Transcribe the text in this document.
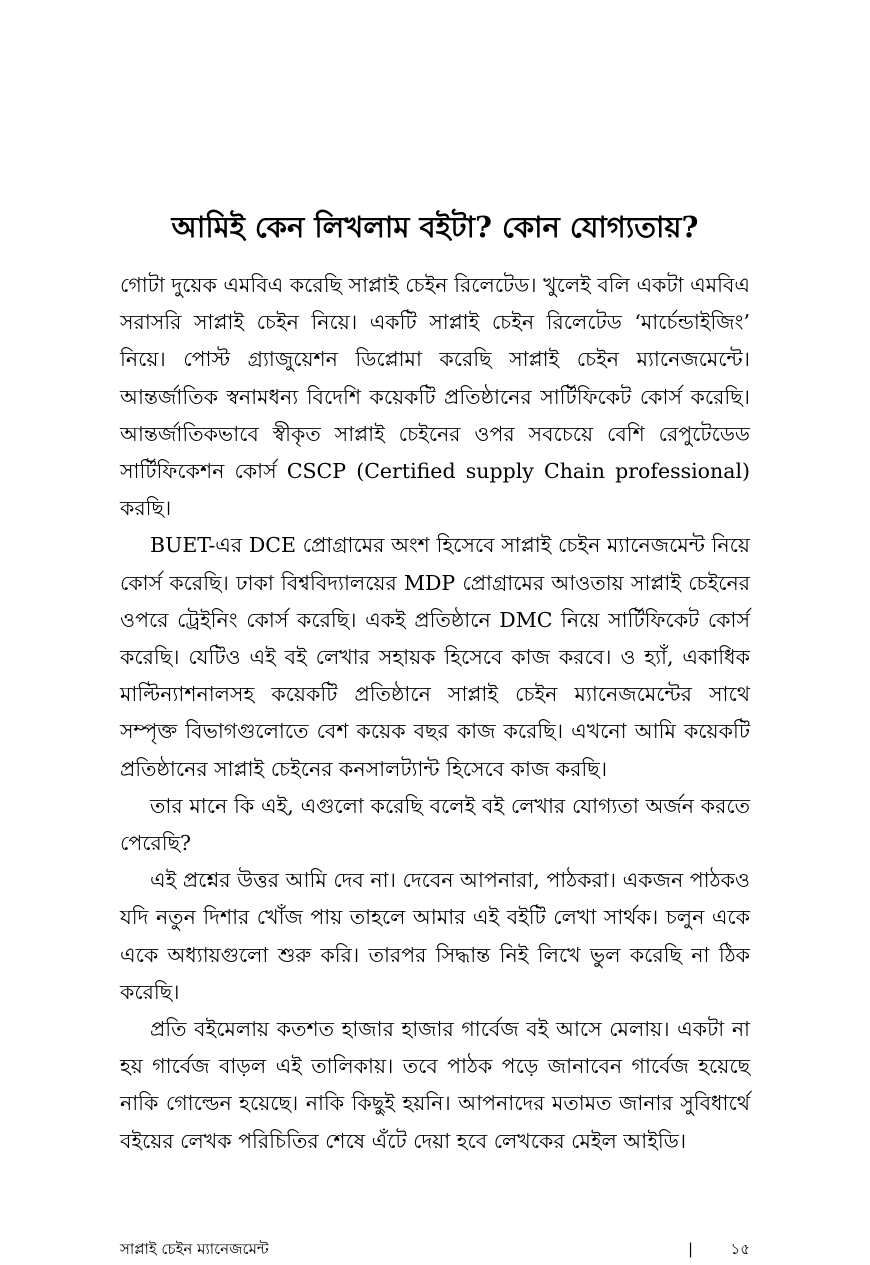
আমিই কেন লিখলাম বইটা? কোন যোগ্যতায়?

গোটা দুয়েক এমবিএ করেছি সাপ্লাই চেইন রিলেটেড। খুলেই বলি একটা এমবিএ সরাসরি সাপ্লাই চেইন নিয়ে। একটি সাপ্লাই চেইন রিলেটেড ‘মার্চেন্ডাইজিং’ নিয়ে। পোস্ট গ্র্যাজুয়েশন ডিপ্লোমা করেছি সাপ্লাই চেইন ম্যানেজমেন্টে। আন্তর্জাতিক স্বনামধন্য বিদেশি কয়েকটি প্রতিষ্ঠানের সার্টিফিকেট কোর্স করেছি। আন্তর্জাতিকভাবে স্বীকৃত সাপ্লাই চেইনের ওপর সবচেয়ে বেশি রেপুটেডেড সার্টিফিকেশন কোর্স CSCP (Certified supply Chain professional) করছি।

BUET-এর DCE প্রোগ্রামের অংশ হিসেবে সাপ্লাই চেইন ম্যানেজমেন্ট নিয়ে কোর্স করেছি। ঢাকা বিশ্ববিদ্যালয়ের MDP প্রোগ্রামের আওতায় সাপ্লাই চেইনের ওপরে ট্রেইনিং কোর্স করেছি। একই প্রতিষ্ঠানে DMC নিয়ে সার্টিফিকেট কোর্স করেছি। যেটিও এই বই লেখার সহায়ক হিসেবে কাজ করবে। ও হ্যাঁ, একাধিক মাল্টিন্যাশনালসহ কয়েকটি প্রতিষ্ঠানে সাপ্লাই চেইন ম্যানেজমেন্টের সাথে সম্পৃক্ত বিভাগগুলোতে বেশ কয়েক বছর কাজ করেছি। এখনো আমি কয়েকটি প্রতিষ্ঠানের সাপ্লাই চেইনের কনসালট্যান্ট হিসেবে কাজ করছি।

তার মানে কি এই, এগুলো করেছি বলেই বই লেখার যোগ্যতা অর্জন করতে পেরেছি?

এই প্রশ্নের উত্তর আমি দেব না। দেবেন আপনারা, পাঠকরা। একজন পাঠকও যদি নতুন দিশার খোঁজ পায় তাহলে আমার এই বইটি লেখা সার্থক। চলুন একে একে অধ্যায়গুলো শুরু করি। তারপর সিদ্ধান্ত নিই লিখে ভুল করেছি না ঠিক করেছি।

প্রতি বইমেলায় কতশত হাজার হাজার গার্বেজ বই আসে মেলায়। একটা না হয় গার্বেজ বাড়ল এই তালিকায়। তবে পাঠক পড়ে জানাবেন গার্বেজ হয়েছে নাকি গোল্ডেন হয়েছে। নাকি কিছুই হয়নি। আপনাদের মতামত জানার সুবিধার্থে বইয়ের লেখক পরিচিতির শেষে এঁটে দেয়া হবে লেখকের মেইল আইডি।

সাপ্লাই চেইন ম্যানেজমেন্ট	| ১৫
